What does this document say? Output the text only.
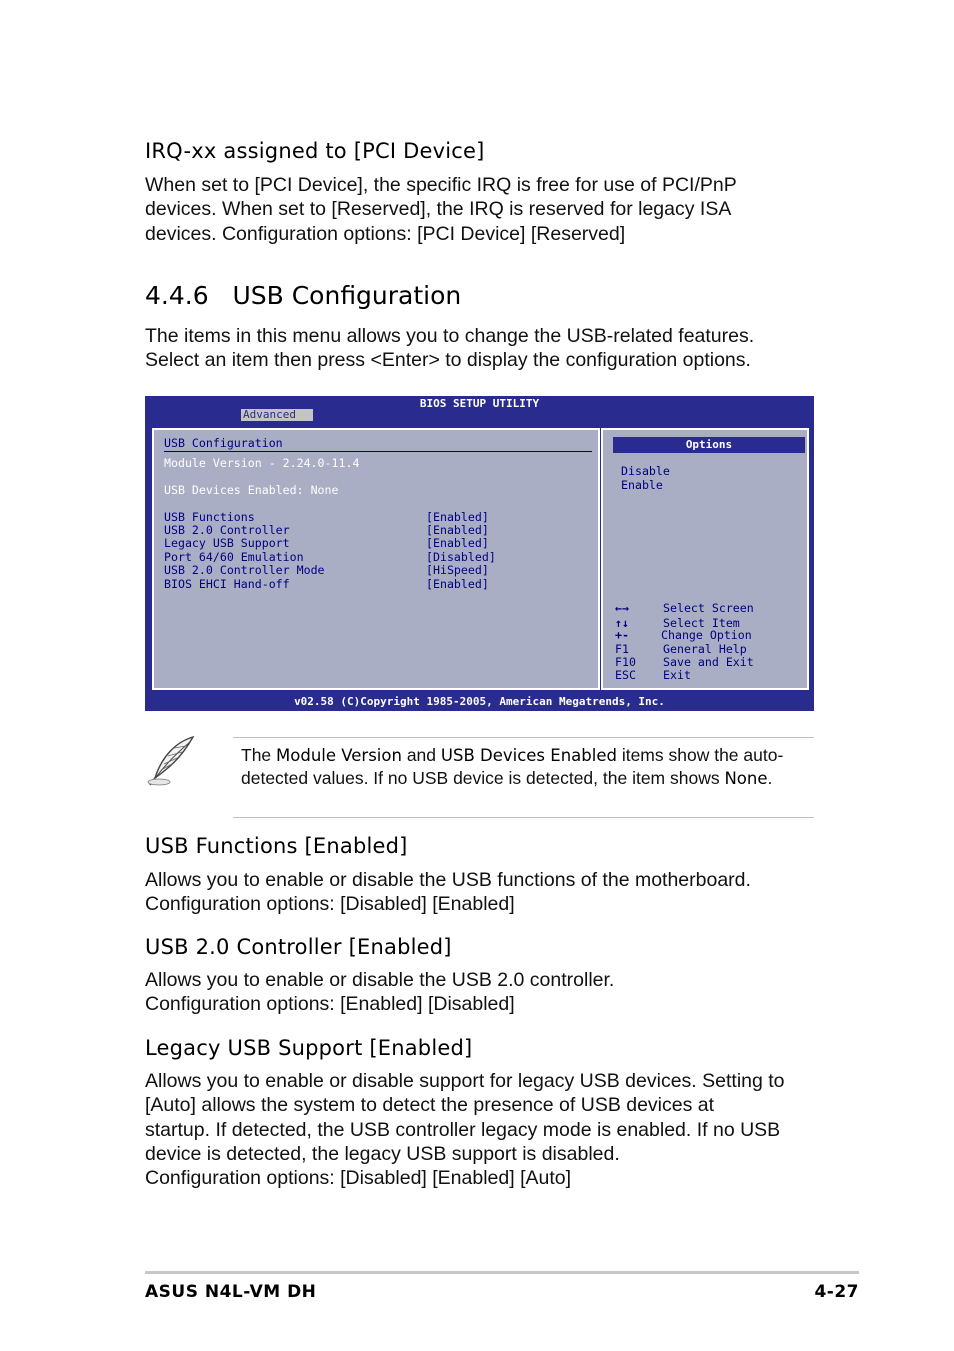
IRQ-xx assigned to [PCI Device]

When set to [PCI Device], the specific IRQ is free for use of PCI/PnP
devices. When set to [Reserved], the IRQ is reserved for legacy ISA
devices. Configuration options: [PCI Device] [Reserved]

4.4.6   USB Configuration

The items in this menu allows you to change the USB-related features.
Select an item then press <Enter> to display the configuration options.

BIOS SETUP UTILITY
Advanced
USB Configuration
Module Version - 2.24.0-11.4
USB Devices Enabled: None
USB Functions	[Enabled]
USB 2.0 Controller	[Enabled]
Legacy USB Support	[Enabled]
Port 64/60 Emulation	[Disabled]
USB 2.0 Controller Mode	[HiSpeed]
BIOS EHCI Hand-off	[Enabled]
Options
Disable
Enable
←→	Select Screen
↑↓	Select Item
+-	Change Option
F1	General Help
F10 Save and Exit
ESC Exit
v02.58 (C)Copyright 1985-2005, American Megatrends, Inc.
The Module Version and USB Devices Enabled items show the auto-detected values. If no USB device is detected, the item shows None.
USB Functions [Enabled]

Allows you to enable or disable the USB functions of the motherboard.
Configuration options: [Disabled] [Enabled]

USB 2.0 Controller [Enabled]

Allows you to enable or disable the USB 2.0 controller.
Configuration options: [Enabled] [Disabled]

Legacy USB Support [Enabled]

Allows you to enable or disable support for legacy USB devices. Setting to
[Auto] allows the system to detect the presence of USB devices at
startup. If detected, the USB controller legacy mode is enabled. If no USB
device is detected, the legacy USB support is disabled.
Configuration options: [Disabled] [Enabled] [Auto]

ASUS N4L-VM DH	4-27
